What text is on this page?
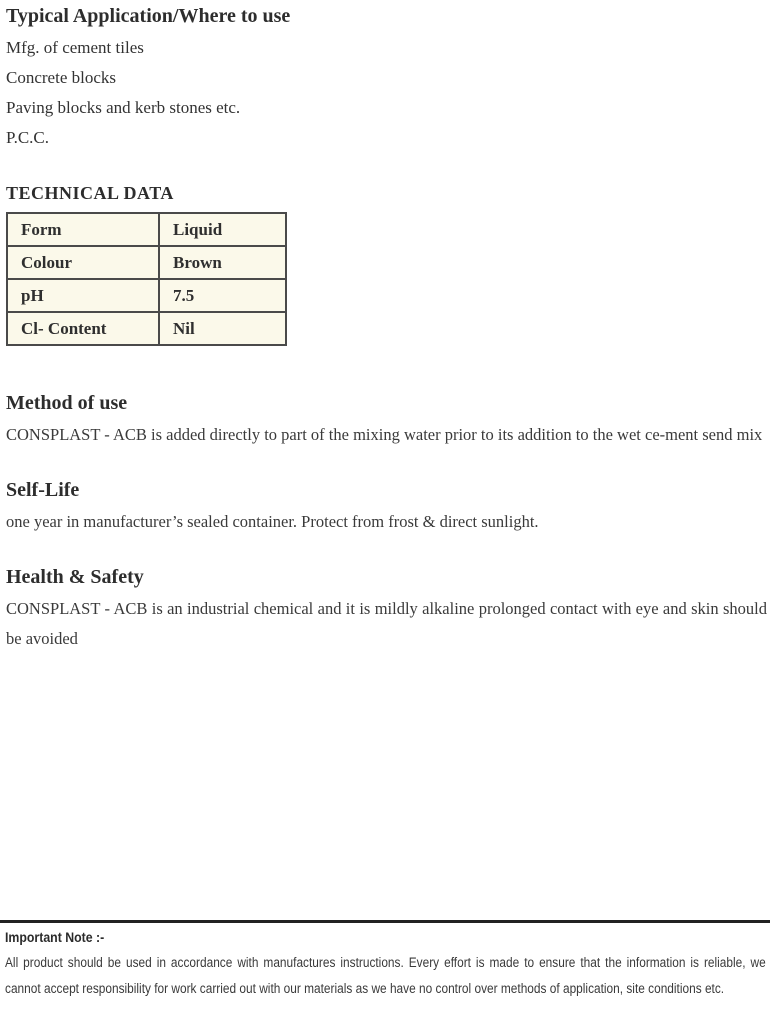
Typical Application/Where to use

Mfg. of cement tiles

Concrete blocks

Paving blocks and kerb stones etc.

P.C.C.

TECHNICAL DATA
Form	Liquid
Colour	Brown
pH	7.5
Cl- Content	Nil
Method of use

CONSPLAST - ACB is added directly to part of the mixing water prior to its addition to the wet ce-ment send mix

Self-Life

one year in manufacturer’s sealed container. Protect from frost & direct sunlight.

Health & Safety

CONSPLAST - ACB is an industrial chemical and it is mildly alkaline prolonged contact with eye and skin should be avoided

Important Note :-

All product should be used in accordance with manufactures instructions. Every effort is made to ensure that the information is reliable, we cannot accept responsibility for work carried out with our materials as we have no control over methods of application, site conditions etc.
